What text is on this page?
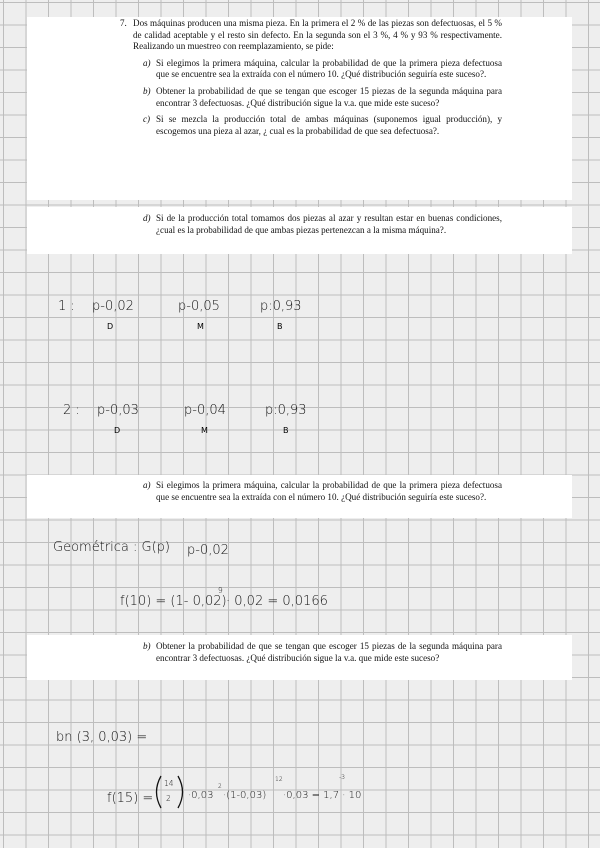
7. Dos máquinas producen una misma pieza. En la primera el 2 % de las piezas son defectuosas, el 5 % de calidad aceptable y el resto sin defecto. En la segunda son el 3 %, 4 % y 93 % respectivamente. Realizando un muestreo con reemplazamiento, se pide:
a) Si elegimos la primera máquina, calcular la probabilidad de que la primera pieza defectuosa que se encuentre sea la extraída con el número 10. ¿Qué distribución seguiría este suceso?.
b) Obtener la probabilidad de que se tengan que escoger 15 piezas de la segunda máquina para encontrar 3 defectuosas. ¿Qué distribución sigue la v.a. que mide este suceso?
c) Si se mezcla la producción total de ambas máquinas (suponemos igual producción), y escogemos una pieza al azar, ¿ cual es la probabilidad de que sea defectuosa?.
d) Si de la producción total tomamos dos piezas al azar y resultan estar en buenas condiciones, ¿cual es la probabilidad de que ambas piezas pertenezcan a la misma máquina?.
1 : p-0,02
D
p-0,05
M
p:0,93
B
2 : p-0,03
D
p-0,04
M
p:0,93
B
a) Si elegimos la primera máquina, calcular la probabilidad de que la primera pieza defectuosa que se encuentre sea la extraída con el número 10. ¿Qué distribución seguiría este suceso?.
Geométrica : G(p) p-0,02
f(10) = (1- 0,02)
9
· 0,02 = 0,0166
b) Obtener la probabilidad de que se tengan que escoger 15 piezas de la segunda máquina para encontrar 3 defectuosas. ¿Qué distribución sigue la v.a. que mide este suceso?
bn (3, 0,03) =
f(15) =
14
2 ·0,03
2
·(1-0,03)
12
·0,03 = 1,7 · 10
-3
